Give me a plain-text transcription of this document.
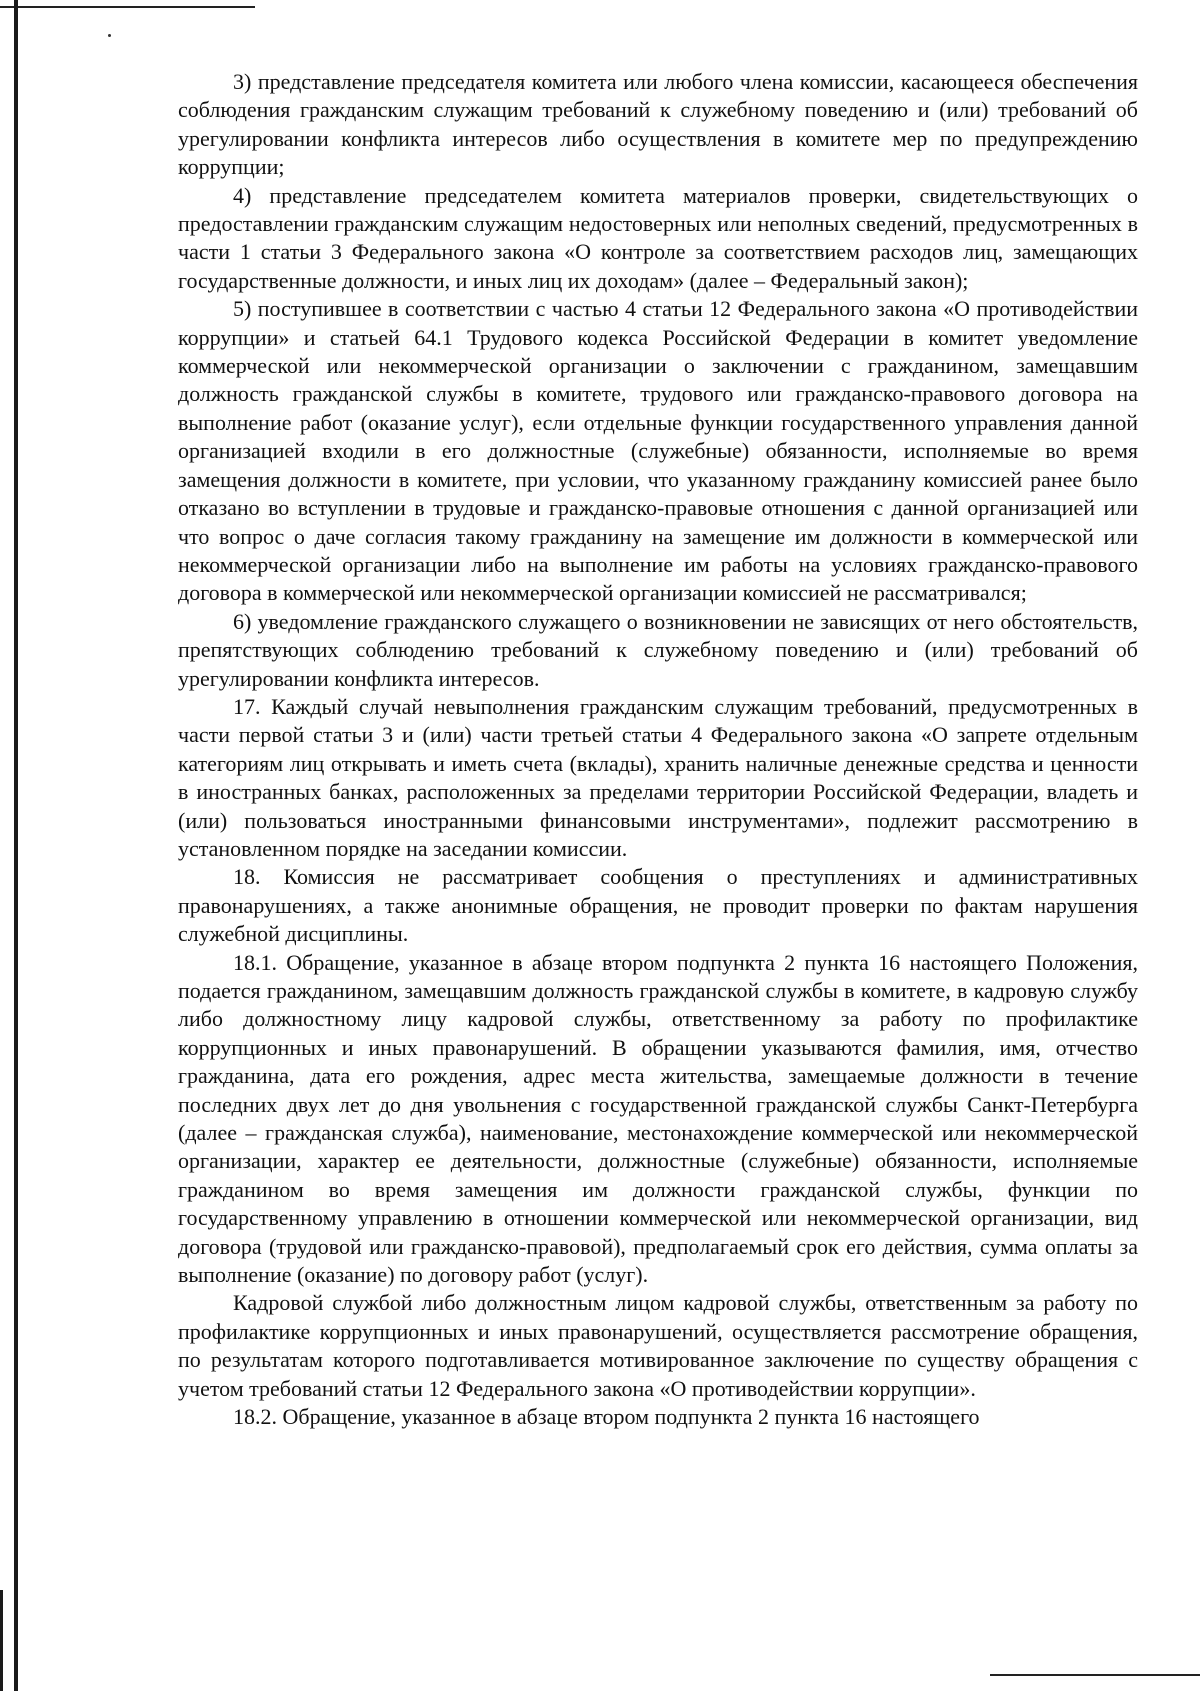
3) представление председателя комитета или любого члена комиссии, касающееся обеспечения соблюдения гражданским служащим требований к служебному поведению и (или) требований об урегулировании конфликта интересов либо осуществления в комитете мер по предупреждению коррупции;

4) представление председателем комитета материалов проверки, свидетельствующих о предоставлении гражданским служащим недостоверных или неполных сведений, предусмотренных в части 1 статьи 3 Федерального закона «О контроле за соответствием расходов лиц, замещающих государственные должности, и иных лиц их доходам» (далее – Федеральный закон);

5) поступившее в соответствии с частью 4 статьи 12 Федерального закона «О противодействии коррупции» и статьей 64.1 Трудового кодекса Российской Федерации в комитет уведомление коммерческой или некоммерческой организации о заключении с гражданином, замещавшим должность гражданской службы в комитете, трудового или гражданско-правового договора на выполнение работ (оказание услуг), если отдельные функции государственного управления данной организацией входили в его должностные (служебные) обязанности, исполняемые во время замещения должности в комитете, при условии, что указанному гражданину комиссией ранее было отказано во вступлении в трудовые и гражданско-правовые отношения с данной организацией или что вопрос о даче согласия такому гражданину на замещение им должности в коммерческой или некоммерческой организации либо на выполнение им работы на условиях гражданско-правового договора в коммерческой или некоммерческой организации комиссией не рассматривался;

6) уведомление гражданского служащего о возникновении не зависящих от него обстоятельств, препятствующих соблюдению требований к служебному поведению и (или) требований об урегулировании конфликта интересов.

17. Каждый случай невыполнения гражданским служащим требований, предусмотренных в части первой статьи 3 и (или) части третьей статьи 4 Федерального закона «О запрете отдельным категориям лиц открывать и иметь счета (вклады), хранить наличные денежные средства и ценности в иностранных банках, расположенных за пределами территории Российской Федерации, владеть и (или) пользоваться иностранными финансовыми инструментами», подлежит рассмотрению в установленном порядке на заседании комиссии.

18. Комиссия не рассматривает сообщения о преступлениях и административных правонарушениях, а также анонимные обращения, не проводит проверки по фактам нарушения служебной дисциплины.

18.1. Обращение, указанное в абзаце втором подпункта 2 пункта 16 настоящего Положения, подается гражданином, замещавшим должность гражданской службы в комитете, в кадровую службу либо должностному лицу кадровой службы, ответственному за работу по профилактике коррупционных и иных правонарушений. В обращении указываются фамилия, имя, отчество гражданина, дата его рождения, адрес места жительства, замещаемые должности в течение последних двух лет до дня увольнения с государственной гражданской службы Санкт-Петербурга (далее – гражданская служба), наименование, местонахождение коммерческой или некоммерческой организации, характер ее деятельности, должностные (служебные) обязанности, исполняемые гражданином во время замещения им должности гражданской службы, функции по государственному управлению в отношении коммерческой или некоммерческой организации, вид договора (трудовой или гражданско-правовой), предполагаемый срок его действия, сумма оплаты за выполнение (оказание) по договору работ (услуг).

Кадровой службой либо должностным лицом кадровой службы, ответственным за работу по профилактике коррупционных и иных правонарушений, осуществляется рассмотрение обращения, по результатам которого подготавливается мотивированное заключение по существу обращения с учетом требований статьи 12 Федерального закона «О противодействии коррупции».

18.2. Обращение, указанное в абзаце втором подпункта 2 пункта 16 настоящего
